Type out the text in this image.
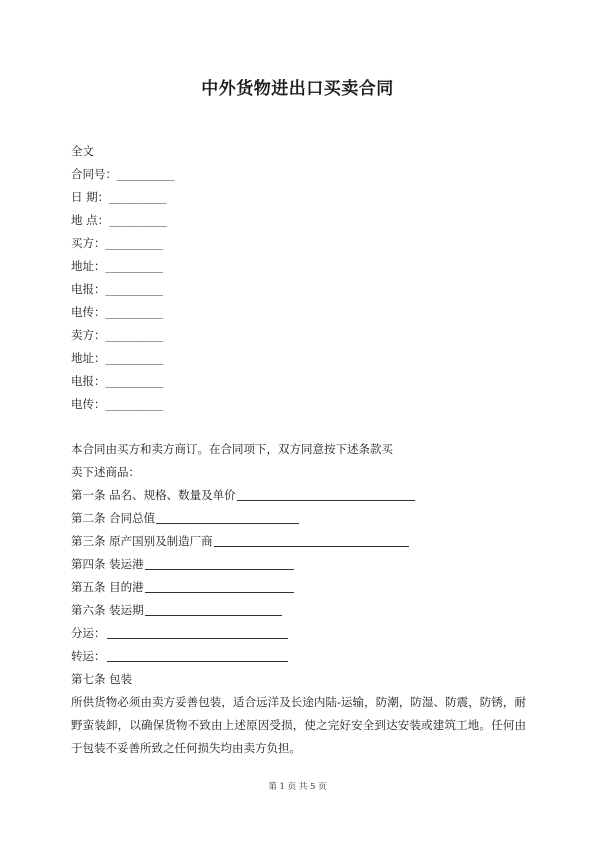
中外货物进出口买卖合同
全文
合同号：__________
日 期：__________
地 点：__________
买方：__________
地址：__________
电报：__________
电传：__________
卖方：__________
地址：__________
电报：__________
电传：__________
本合同由买方和卖方商订。在合同项下，双方同意按下述条款买
卖下述商品：
第一条 品名、规格、数量及单价
第二条 合同总值
第三条 原产国别及制造厂商
第四条 装运港
第五条 目的港
第六条 装运期
分运：
转运：
第七条 包装
所供货物必须由卖方妥善包装，适合远洋及长途内陆-运输，防潮，防湿、防震，防锈，耐野蛮装卸，以确保货物不致由上述原因受损，使之完好安全到达安装或建筑工地。任何由于包装不妥善所致之任何损失均由卖方负担。
第 1 页 共 5 页
